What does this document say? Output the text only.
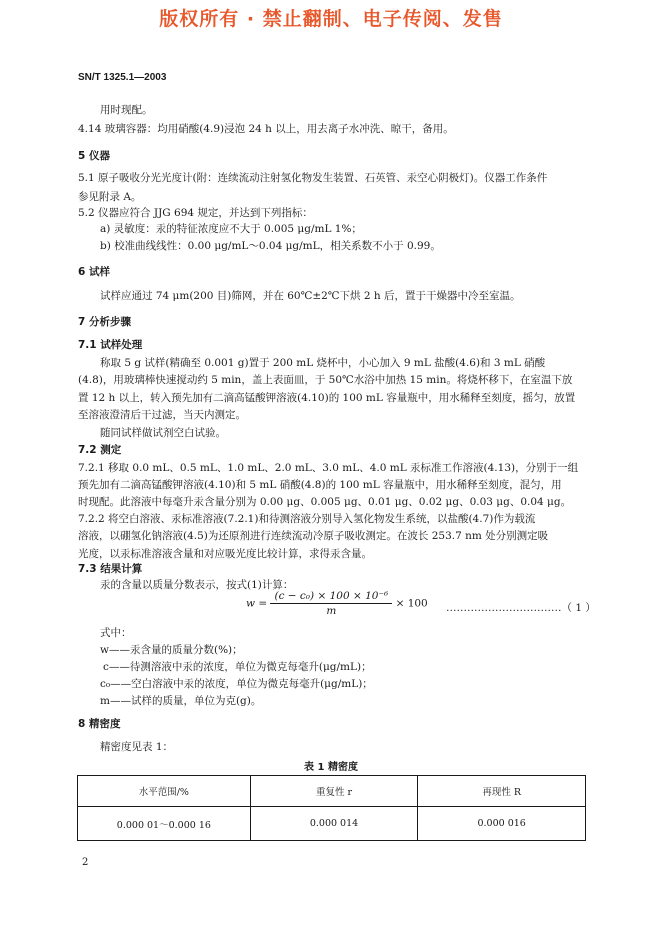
版权所有 · 禁止翻制、电子传阅、发售
SN/T 1325.1—2003
用时现配。
4.14 玻璃容器：均用硝酸(4.9)浸泡 24 h 以上，用去离子水冲洗、晾干，备用。
5 仪器
5.1 原子吸收分光光度计(附：连续流动注射氢化物发生装置、石英管、汞空心阴极灯)。仪器工作条件
参见附录 A。
5.2 仪器应符合 JJG 694 规定，并达到下列指标：
a) 灵敏度：汞的特征浓度应不大于 0.005 μg/mL 1%；
b) 校准曲线线性：0.00 μg/mL～0.04 μg/mL，相关系数不小于 0.99。
6 试样
试样应通过 74 μm(200 目)筛网，并在 60℃±2℃下烘 2 h 后，置于干燥器中冷至室温。
7 分析步骤
7.1 试样处理
称取 5 g 试样(精确至 0.001 g)置于 200 mL 烧杯中，小心加入 9 mL 盐酸(4.6)和 3 mL 硝酸
(4.8)，用玻璃棒快速搅动约 5 min，盖上表面皿，于 50℃水浴中加热 15 min。将烧杯移下，在室温下放
置 12 h 以上，转入预先加有二滴高锰酸钾溶液(4.10)的 100 mL 容量瓶中，用水稀释至刻度，摇匀，放置
至溶液澄清后干过滤，当天内测定。
随同试样做试剂空白试验。
7.2 测定
7.2.1 移取 0.0 mL、0.5 mL、1.0 mL、2.0 mL、3.0 mL、4.0 mL 汞标准工作溶液(4.13)，分别于一组
预先加有二滴高锰酸钾溶液(4.10)和 5 mL 硝酸(4.8)的 100 mL 容量瓶中，用水稀释至刻度，混匀，用
时现配。此溶液中每毫升汞含量分别为 0.00 μg、0.005 μg、0.01 μg、0.02 μg、0.03 μg、0.04 μg。
7.2.2 将空白溶液、汞标准溶液(7.2.1)和待测溶液分别导入氢化物发生系统，以盐酸(4.7)作为载流
溶液，以硼氢化钠溶液(4.5)为还原剂进行连续流动冷原子吸收测定。在波长 253.7 nm 处分别测定吸
光度，以汞标准溶液含量和对应吸光度比较计算，求得汞含量。
7.3 结果计算
汞的含量以质量分数表示，按式(1)计算：
$w = \frac{\text{(c − c₀) × 100 × 10⁻⁶}}{m} \times 100$ ……………………………（ 1 ）
式中：
w——汞含量的质量分数(%)；
c——待测溶液中汞的浓度，单位为微克每毫升(μg/mL)；
c₀——空白溶液中汞的浓度，单位为微克每毫升(μg/mL)；
m——试样的质量，单位为克(g)。
8 精密度
精密度见表 1：
表 1 精密度
水平范围/%	重复性 r	再现性 R
0.000 01～0.000 16	0.000 014	0.000 016
2
